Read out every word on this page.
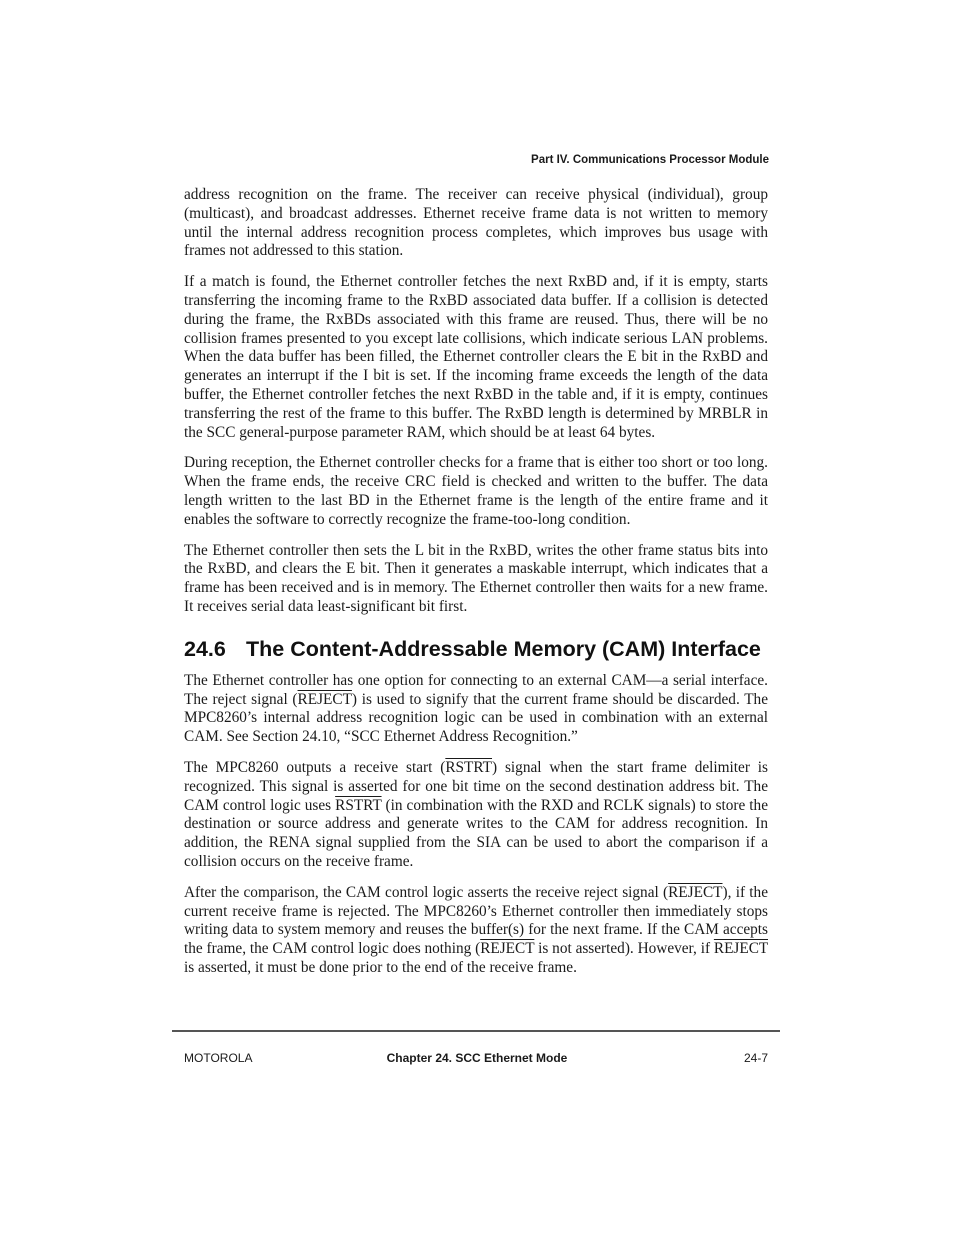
Part IV. Communications Processor Module

address recognition on the frame. The receiver can receive physical (individual), group (multicast), and broadcast addresses. Ethernet receive frame data is not written to memory until the internal address recognition process completes, which improves bus usage with frames not addressed to this station.

If a match is found, the Ethernet controller fetches the next RxBD and, if it is empty, starts transferring the incoming frame to the RxBD associated data buffer. If a collision is detected during the frame, the RxBDs associated with this frame are reused. Thus, there will be no collision frames presented to you except late collisions, which indicate serious LAN problems. When the data buffer has been filled, the Ethernet controller clears the E bit in the RxBD and generates an interrupt if the I bit is set. If the incoming frame exceeds the length of the data buffer, the Ethernet controller fetches the next RxBD in the table and, if it is empty, continues transferring the rest of the frame to this buffer. The RxBD length is determined by MRBLR in the SCC general-purpose parameter RAM, which should be at least 64 bytes.

During reception, the Ethernet controller checks for a frame that is either too short or too long. When the frame ends, the receive CRC field is checked and written to the buffer. The data length written to the last BD in the Ethernet frame is the length of the entire frame and it enables the software to correctly recognize the frame-too-long condition.

The Ethernet controller then sets the L bit in the RxBD, writes the other frame status bits into the RxBD, and clears the E bit. Then it generates a maskable interrupt, which indicates that a frame has been received and is in memory. The Ethernet controller then waits for a new frame. It receives serial data least-significant bit first.

24.6 The Content-Addressable Memory (CAM) Interface

The Ethernet controller has one option for connecting to an external CAM—a serial interface. The reject signal (REJECT) is used to signify that the current frame should be discarded. The MPC8260’s internal address recognition logic can be used in combination with an external CAM. See Section 24.10, “SCC Ethernet Address Recognition.”

The MPC8260 outputs a receive start (RSTRT) signal when the start frame delimiter is recognized. This signal is asserted for one bit time on the second destination address bit. The CAM control logic uses RSTRT (in combination with the RXD and RCLK signals) to store the destination or source address and generate writes to the CAM for address recognition. In addition, the RENA signal supplied from the SIA can be used to abort the comparison if a collision occurs on the receive frame.

After the comparison, the CAM control logic asserts the receive reject signal (REJECT), if the current receive frame is rejected. The MPC8260’s Ethernet controller then immediately stops writing data to system memory and reuses the buffer(s) for the next frame. If the CAM accepts the frame, the CAM control logic does nothing (REJECT is not asserted). However, if REJECT is asserted, it must be done prior to the end of the receive frame.

MOTOROLA	Chapter 24. SCC Ethernet Mode	24-7
